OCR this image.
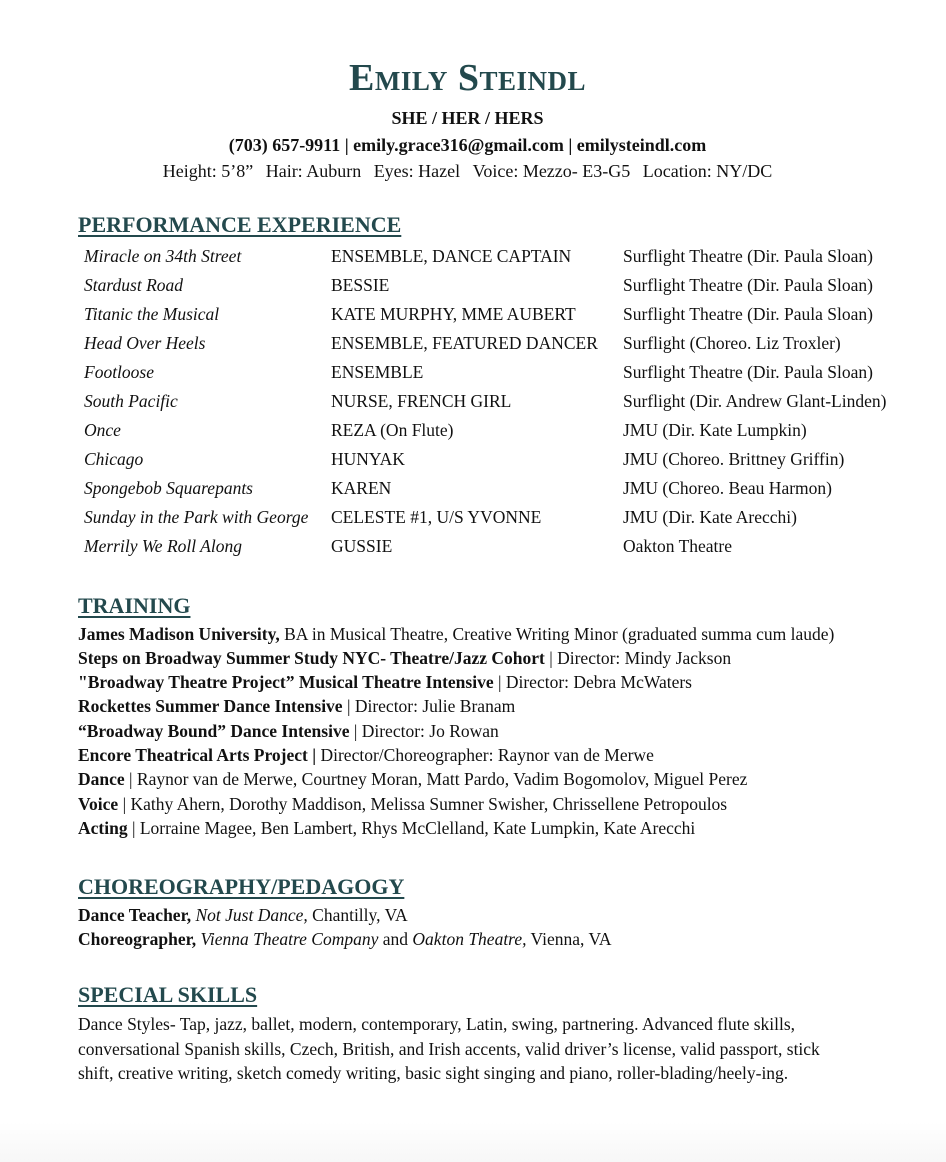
Emily Steindl
SHE / HER / HERS
(703) 657-9911 | emily.grace316@gmail.com | emilysteindl.com
Height: 5’8” Hair: Auburn Eyes: Hazel Voice: Mezzo- E3-G5 Location: NY/DC
PERFORMANCE EXPERIENCE
Miracle on 34th Street	ENSEMBLE, DANCE CAPTAIN	Surflight Theatre (Dir. Paula Sloan)
Stardust Road	BESSIE	Surflight Theatre (Dir. Paula Sloan)
Titanic the Musical	KATE MURPHY, MME AUBERT	Surflight Theatre (Dir. Paula Sloan)
Head Over Heels	ENSEMBLE, FEATURED DANCER Surflight (Choreo. Liz Troxler)
Footloose	ENSEMBLE	Surflight Theatre (Dir. Paula Sloan)
South Pacific	NURSE, FRENCH GIRL	Surflight (Dir. Andrew Glant-Linden)
Once	REZA (On Flute)	JMU (Dir. Kate Lumpkin)
Chicago	HUNYAK	JMU (Choreo. Brittney Griffin)
Spongebob Squarepants	KAREN	JMU (Choreo. Beau Harmon)
Sunday in the Park with George CELESTE #1, U/S YVONNE	JMU (Dir. Kate Arecchi)
Merrily We Roll Along	GUSSIE	Oakton Theatre
TRAINING
James Madison University, BA in Musical Theatre, Creative Writing Minor (graduated summa cum laude)
Steps on Broadway Summer Study NYC- Theatre/Jazz Cohort | Director: Mindy Jackson
"Broadway Theatre Project” Musical Theatre Intensive | Director: Debra McWaters
Rockettes Summer Dance Intensive | Director: Julie Branam
“Broadway Bound” Dance Intensive | Director: Jo Rowan
Encore Theatrical Arts Project | Director/Choreographer: Raynor van de Merwe
Dance | Raynor van de Merwe, Courtney Moran, Matt Pardo, Vadim Bogomolov, Miguel Perez
Voice | Kathy Ahern, Dorothy Maddison, Melissa Sumner Swisher, Chrissellene Petropoulos
Acting | Lorraine Magee, Ben Lambert, Rhys McClelland, Kate Lumpkin, Kate Arecchi
CHOREOGRAPHY/PEDAGOGY
Dance Teacher, Not Just Dance, Chantilly, VA
Choreographer, Vienna Theatre Company and Oakton Theatre, Vienna, VA
SPECIAL SKILLS
Dance Styles- Tap, jazz, ballet, modern, contemporary, Latin, swing, partnering. Advanced flute skills, conversational Spanish skills, Czech, British, and Irish accents, valid driver’s license, valid passport, stick shift, creative writing, sketch comedy writing, basic sight singing and piano, roller-blading/heely-ing.
